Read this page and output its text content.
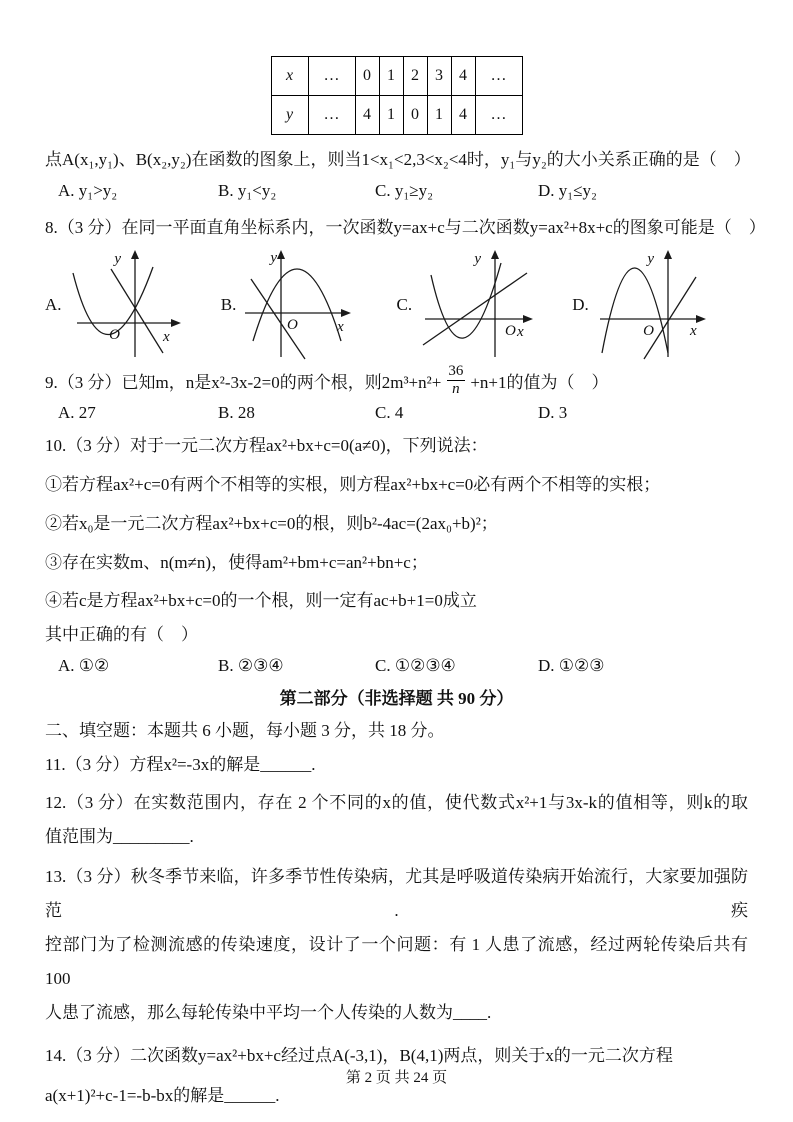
x	…	0	1	2	3	4	…
y	…	4	1	0	1	4	…
点A(x₁,y₁)、B(x₂,y₂)在函数的图象上，则当1<x₁<2,3<x₂<4时，y₁与y₂的大小关系正确的是（　）
A. y₁>y₂	B. y₁<y₂	C. y₁≥y₂	D. y₁≤y₂
8.（3 分）在同一平面直角坐标系内，一次函数y=ax+c与二次函数y=ax²+8x+c的图象可能是（　）
A.
y
x
O
B.
y
x
O
C.
y
x
O
D.
y
x
O
9.（3 分）已知m，n是x²-3x-2=0的两个根，则$2m^3+n^2+ \frac{36}{n} +n+1$的值为（　）
A. 27	B. 28	C. 4	D. 3
10.（3 分）对于一元二次方程ax²+bx+c=0(a≠0)，下列说法：
①若方程ax²+c=0有两个不相等的实根，则方程ax²+bx+c=0必有两个不相等的实根；
②若x₀是一元二次方程ax²+bx+c=0的根，则b²-4ac=(2ax₀+b)²；
③存在实数m、n(m≠n)，使得am²+bm+c=an²+bn+c；
④若c是方程ax²+bx+c=0的一个根，则一定有ac+b+1=0成立
其中正确的有（　）
A. ①②	B. ②③④	C. ①②③④	D. ①②③
第二部分（非选择题 共 90 分）
二、填空题：本题共 6 小题，每小题 3 分，共 18 分。
11.（3 分）方程x²=-3x的解是______.
12.（3 分）在实数范围内，存在 2 个不同的x的值，使代数式x²+1与3x-k的值相等，则k的取
值范围为_________.
13.（3 分）秋冬季节来临，许多季节性传染病，尤其是呼吸道传染病开始流行，大家要加强防范.疾
控部门为了检测流感的传染速度，设计了一个问题：有 1 人患了流感，经过两轮传染后共有 100
人患了流感，那么每轮传染中平均一个人传染的人数为____.
14.（3 分）二次函数y=ax²+bx+c经过点A(-3,1)，B(4,1)两点，则关于x的一元二次方程
a(x+1)²+c-1=-b-bx的解是______.
第 2 页 共 24 页
